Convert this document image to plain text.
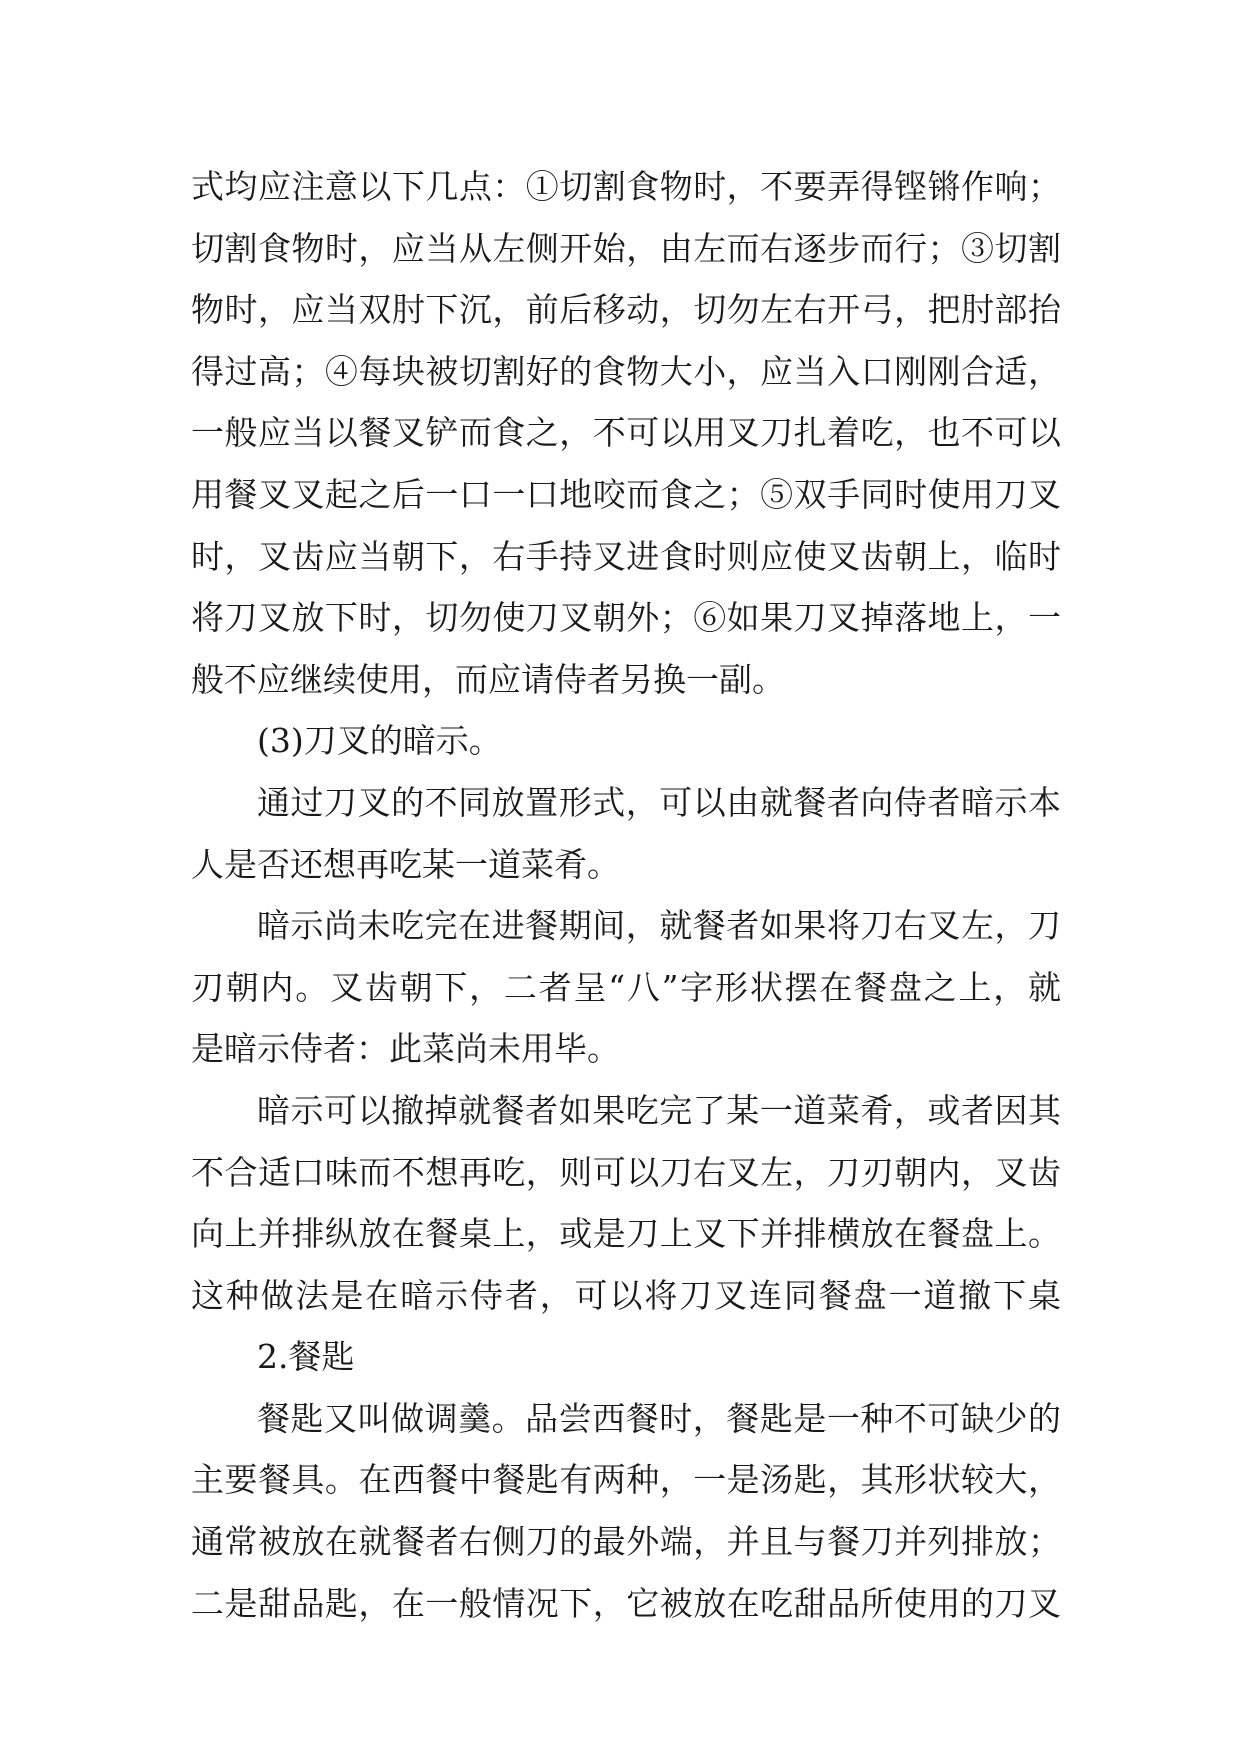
式均应注意以下几点：①切割食物时，不要弄得铿锵作响；
切割食物时，应当从左侧开始，由左而右逐步而行；③切割
物时，应当双肘下沉，前后移动，切勿左右开弓，把肘部抬
得过高；④每块被切割好的食物大小，应当入口刚刚合适，
一般应当以餐叉铲而食之，不可以用叉刀扎着吃，也不可以
用餐叉叉起之后一口一口地咬而食之；⑤双手同时使用刀叉
时，叉齿应当朝下，右手持叉进食时则应使叉齿朝上，临时
将刀叉放下时，切勿使刀叉朝外；⑥如果刀叉掉落地上，一
般不应继续使用，而应请侍者另换一副。
(3)刀叉的暗示。
通过刀叉的不同放置形式，可以由就餐者向侍者暗示本
人是否还想再吃某一道菜肴。
暗示尚未吃完在进餐期间，就餐者如果将刀右叉左，刀
刃朝内。叉齿朝下，二者呈“八”字形状摆在餐盘之上，就
是暗示侍者：此菜尚未用毕。
暗示可以撤掉就餐者如果吃完了某一道菜肴，或者因其
不合适口味而不想再吃，则可以刀右叉左，刀刃朝内，叉齿
向上并排纵放在餐桌上，或是刀上叉下并排横放在餐盘上。
这种做法是在暗示侍者，可以将刀叉连同餐盘一道撤下桌
2.餐匙
餐匙又叫做调羹。品尝西餐时，餐匙是一种不可缺少的
主要餐具。在西餐中餐匙有两种，一是汤匙，其形状较大，
通常被放在就餐者右侧刀的最外端，并且与餐刀并列排放；
二是甜品匙，在一般情况下，它被放在吃甜品所使用的刀叉
